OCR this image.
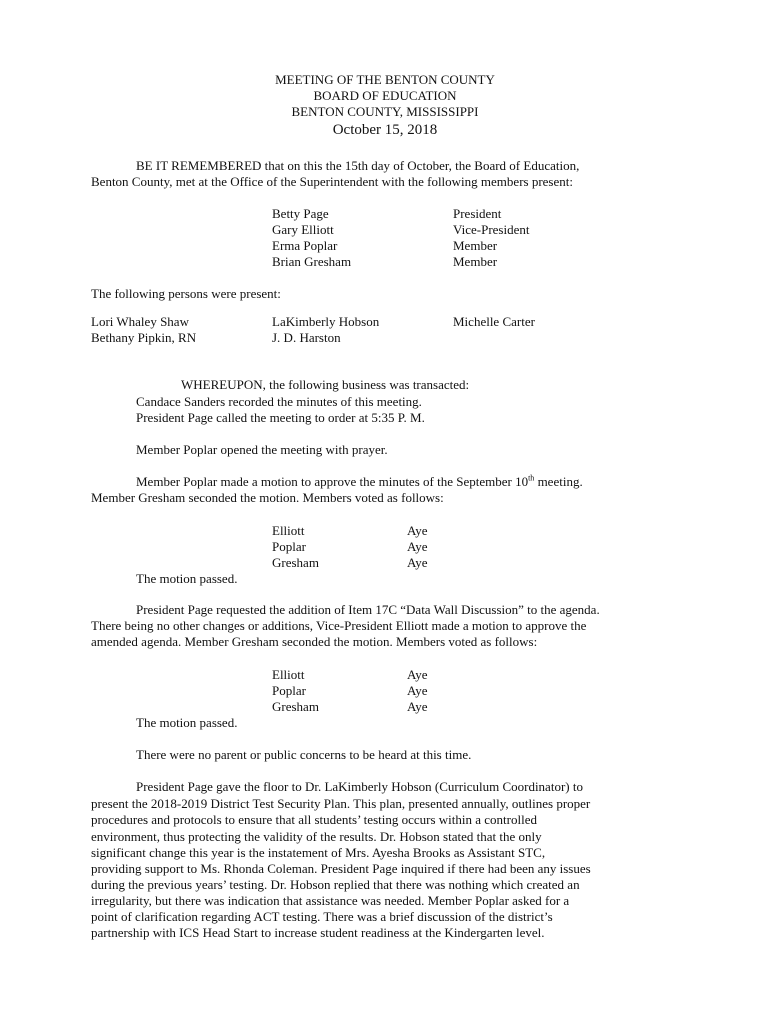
MEETING OF THE BENTON COUNTY
BOARD OF EDUCATION
BENTON COUNTY, MISSISSIPPI
October 15, 2018
BE IT REMEMBERED that on this the 15th day of October, the Board of Education,
Benton County, met at the Office of the Superintendent with the following members present:
Betty Page	President
Gary Elliott	Vice-President
Erma Poplar	Member
Brian Gresham	Member
The following persons were present:
Lori Whaley Shaw	LaKimberly Hobson	Michelle Carter
Bethany Pipkin, RN	J. D. Harston
WHEREUPON, the following business was transacted:
Candace Sanders recorded the minutes of this meeting.
President Page called the meeting to order at 5:35 P. M.
Member Poplar opened the meeting with prayer.
Member Poplar made a motion to approve the minutes of the September 10th meeting.
Member Gresham seconded the motion. Members voted as follows:
Elliott	Aye
Poplar	Aye
Gresham	Aye
The motion passed.
President Page requested the addition of Item 17C “Data Wall Discussion” to the agenda.
There being no other changes or additions, Vice-President Elliott made a motion to approve the
amended agenda. Member Gresham seconded the motion. Members voted as follows:
Elliott	Aye
Poplar	Aye
Gresham	Aye
The motion passed.
There were no parent or public concerns to be heard at this time.
President Page gave the floor to Dr. LaKimberly Hobson (Curriculum Coordinator) to
present the 2018-2019 District Test Security Plan. This plan, presented annually, outlines proper
procedures and protocols to ensure that all students’ testing occurs within a controlled
environment, thus protecting the validity of the results. Dr. Hobson stated that the only
significant change this year is the instatement of Mrs. Ayesha Brooks as Assistant STC,
providing support to Ms. Rhonda Coleman. President Page inquired if there had been any issues
during the previous years’ testing. Dr. Hobson replied that there was nothing which created an
irregularity, but there was indication that assistance was needed. Member Poplar asked for a
point of clarification regarding ACT testing. There was a brief discussion of the district’s
partnership with ICS Head Start to increase student readiness at the Kindergarten level.
